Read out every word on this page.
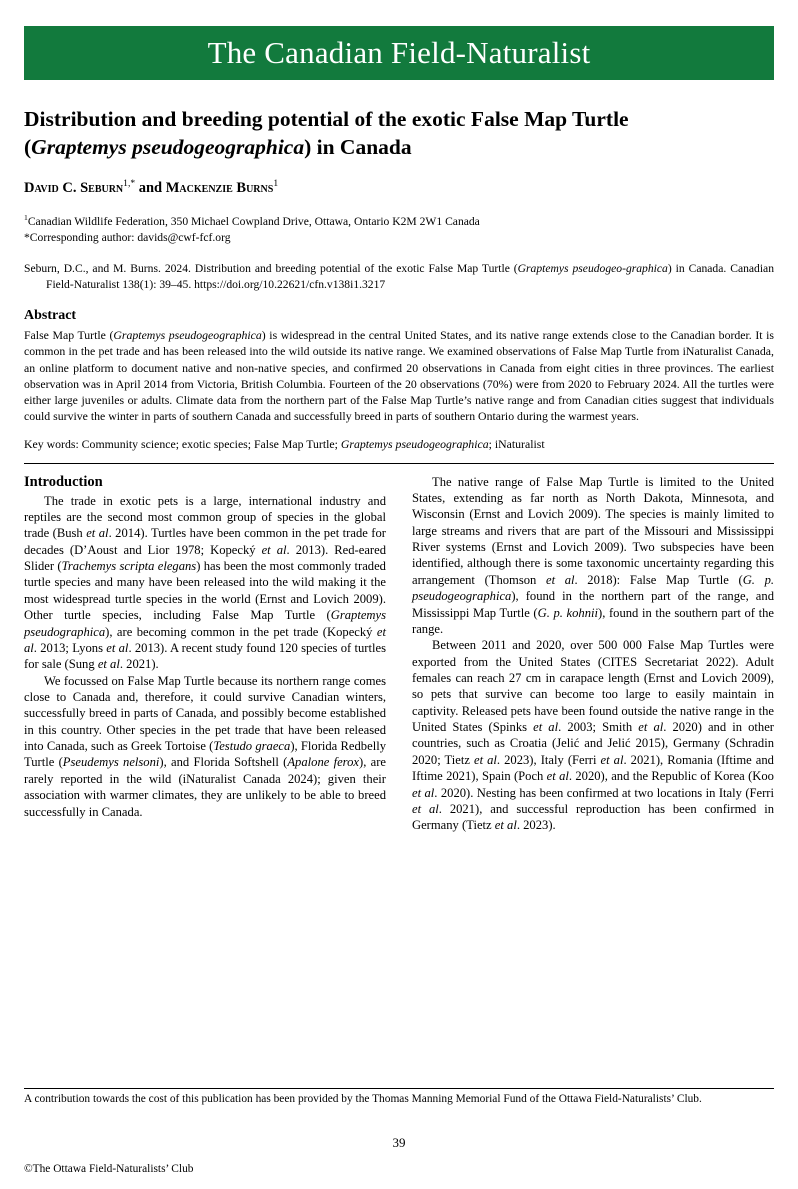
The Canadian Field-Naturalist
Distribution and breeding potential of the exotic False Map Turtle
(Graptemys pseudogeographica) in Canada
David C. Seburn$^{1,*}$ and Mackenzie Burns$^1$
$^1$Canadian Wildlife Federation, 350 Michael Cowpland Drive, Ottawa, Ontario K2M 2W1 Canada
*Corresponding author: davids@cwf-fcf.org
Seburn, D.C., and M. Burns. 2024. Distribution and breeding potential of the exotic False Map Turtle (Graptemys pseudogeo-graphica) in Canada. Canadian Field-Naturalist 138(1): 39–45. https://doi.org/10.22621/cfn.v138i1.3217
Abstract

False Map Turtle (Graptemys pseudogeographica) is widespread in the central United States, and its native range extends close to the Canadian border. It is common in the pet trade and has been released into the wild outside its native range. We examined observations of False Map Turtle from iNaturalist Canada, an online platform to document native and non-native species, and confirmed 20 observations in Canada from eight cities in three provinces. The earliest observation was in April 2014 from Victoria, British Columbia. Fourteen of the 20 observations (70%) were from 2020 to February 2024. All the turtles were either large juveniles or adults. Climate data from the northern part of the False Map Turtle’s native range and from Canadian cities suggest that individuals could survive the winter in parts of southern Canada and successfully breed in parts of southern Ontario during the warmest years.

Key words: Community science; exotic species; False Map Turtle; Graptemys pseudogeographica; iNaturalist

Introduction

The trade in exotic pets is a large, international industry and reptiles are the second most common group of species in the global trade (Bush et al. 2014). Turtles have been common in the pet trade for decades (D’Aoust and Lior 1978; Kopecký et al. 2013). Red-eared Slider (Trachemys scripta elegans) has been the most commonly traded turtle species and many have been released into the wild making it the most widespread turtle species in the world (Ernst and Lovich 2009). Other turtle species, including False Map Turtle (Graptemys pseudographica), are becoming common in the pet trade (Kopecký et al. 2013; Lyons et al. 2013). A recent study found 120 species of turtles for sale (Sung et al. 2021).

We focussed on False Map Turtle because its northern range comes close to Canada and, therefore, it could survive Canadian winters, successfully breed in parts of Canada, and possibly become established in this country. Other species in the pet trade that have been released into Canada, such as Greek Tortoise (Testudo graeca), Florida Redbelly Turtle (Pseudemys nelsoni), and Florida Softshell (Apalone ferox), are rarely reported in the wild (iNaturalist Canada 2024); given their association with warmer climates, they are unlikely to be able to breed successfully in Canada.

The native range of False Map Turtle is limited to the United States, extending as far north as North Dakota, Minnesota, and Wisconsin (Ernst and Lovich 2009). The species is mainly limited to large streams and rivers that are part of the Missouri and Mississippi River systems (Ernst and Lovich 2009). Two subspecies have been identified, although there is some taxonomic uncertainty regarding this arrangement (Thomson et al. 2018): False Map Turtle (G. p. pseudogeographica), found in the northern part of the range, and Mississippi Map Turtle (G. p. kohnii), found in the southern part of the range.

Between 2011 and 2020, over 500 000 False Map Turtles were exported from the United States (CITES Secretariat 2022). Adult females can reach 27 cm in carapace length (Ernst and Lovich 2009), so pets that survive can become too large to easily maintain in captivity. Released pets have been found outside the native range in the United States (Spinks et al. 2003; Smith et al. 2020) and in other countries, such as Croatia (Jelić and Jelić 2015), Germany (Schradin 2020; Tietz et al. 2023), Italy (Ferri et al. 2021), Romania (Iftime and Iftime 2021), Spain (Poch et al. 2020), and the Republic of Korea (Koo et al. 2020). Nesting has been confirmed at two locations in Italy (Ferri et al. 2021), and successful reproduction has been confirmed in Germany (Tietz et al. 2023).

A contribution towards the cost of this publication has been provided by the Thomas Manning Memorial Fund of the Ottawa Field-Naturalists’ Club.
39
©The Ottawa Field-Naturalists’ Club
